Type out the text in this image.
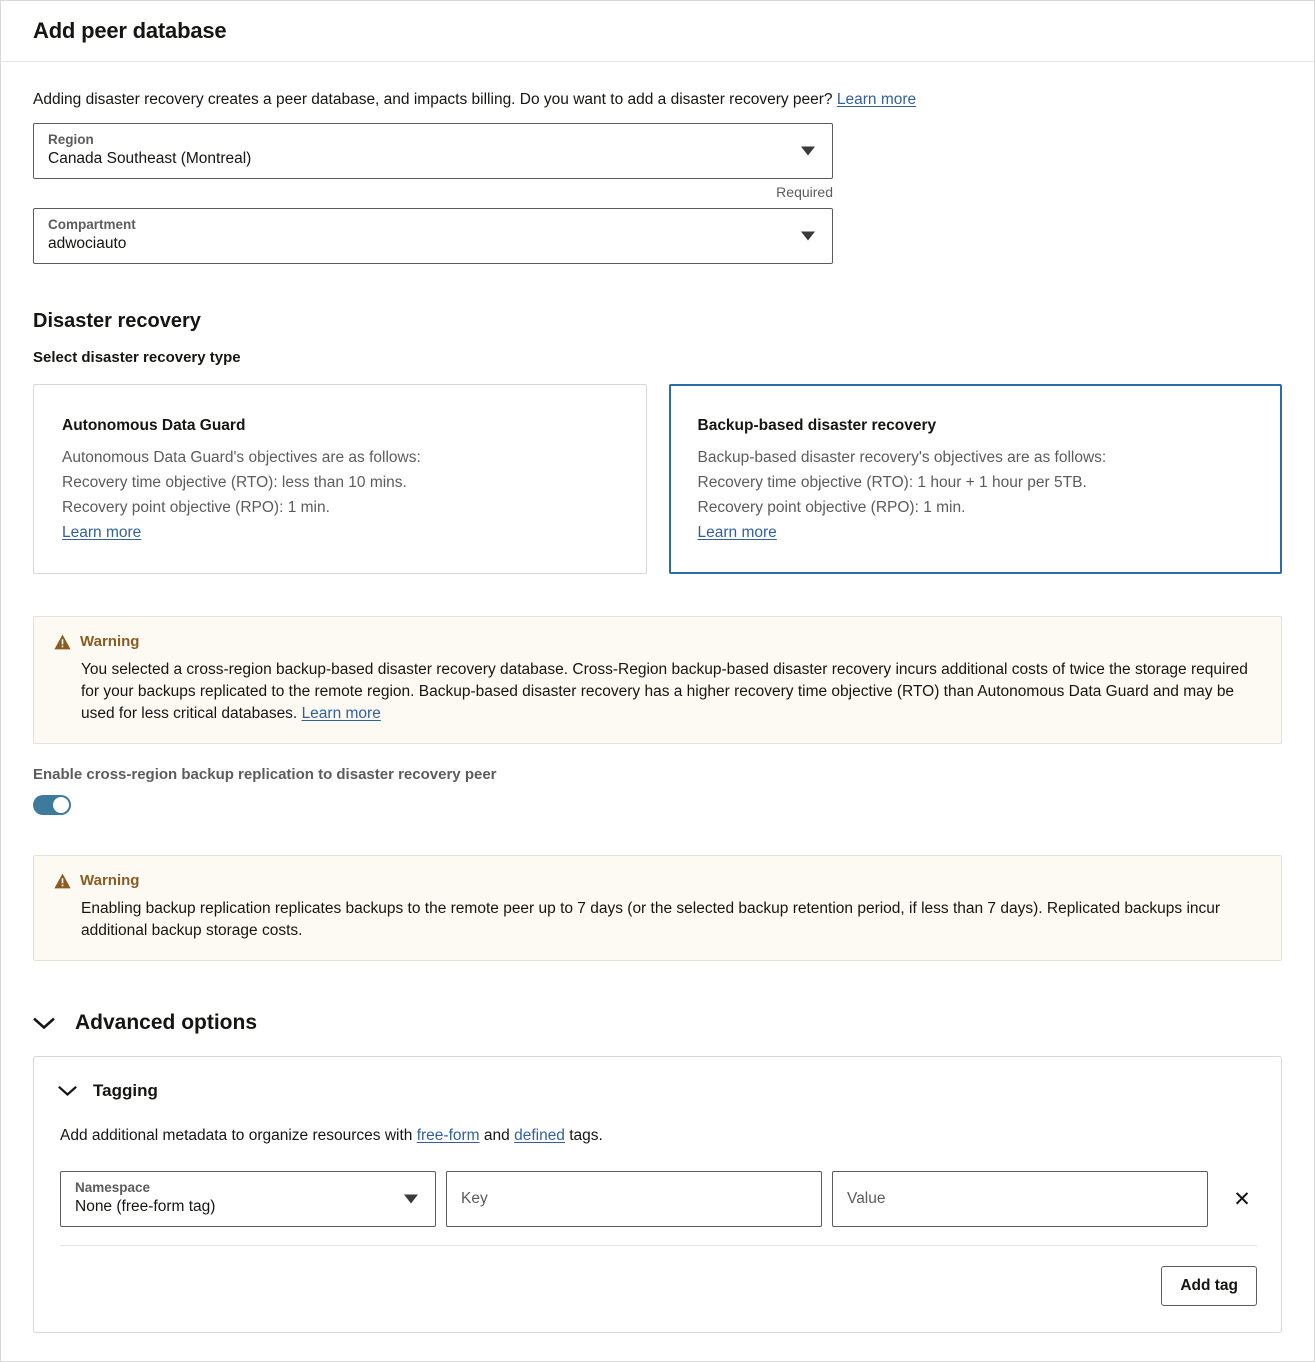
Add peer database
Adding disaster recovery creates a peer database, and impacts billing. Do you want to add a disaster recovery peer? Learn more
Region
Canada Southeast (Montreal)
Required
Compartment
adwociauto
Disaster recovery
Select disaster recovery type
Autonomous Data Guard
Autonomous Data Guard's objectives are as follows:
Recovery time objective (RTO): less than 10 mins.
Recovery point objective (RPO): 1 min.
Learn more
Backup-based disaster recovery
Backup-based disaster recovery's objectives are as follows:
Recovery time objective (RTO): 1 hour + 1 hour per 5TB.
Recovery point objective (RPO): 1 min.
Learn more
Warning
You selected a cross-region backup-based disaster recovery database. Cross-Region backup-based disaster recovery incurs additional costs of twice the storage required for your backups replicated to the remote region. Backup-based disaster recovery has a higher recovery time objective (RTO) than Autonomous Data Guard and may be used for less critical databases. Learn more
Enable cross-region backup replication to disaster recovery peer
Warning
Enabling backup replication replicates backups to the remote peer up to 7 days (or the selected backup retention period, if less than 7 days). Replicated backups incur additional backup storage costs.
Advanced options
Tagging
Add additional metadata to organize resources with free-form and defined tags.
Namespace
None (free-form tag)
Key
Value	✕
Add tag
